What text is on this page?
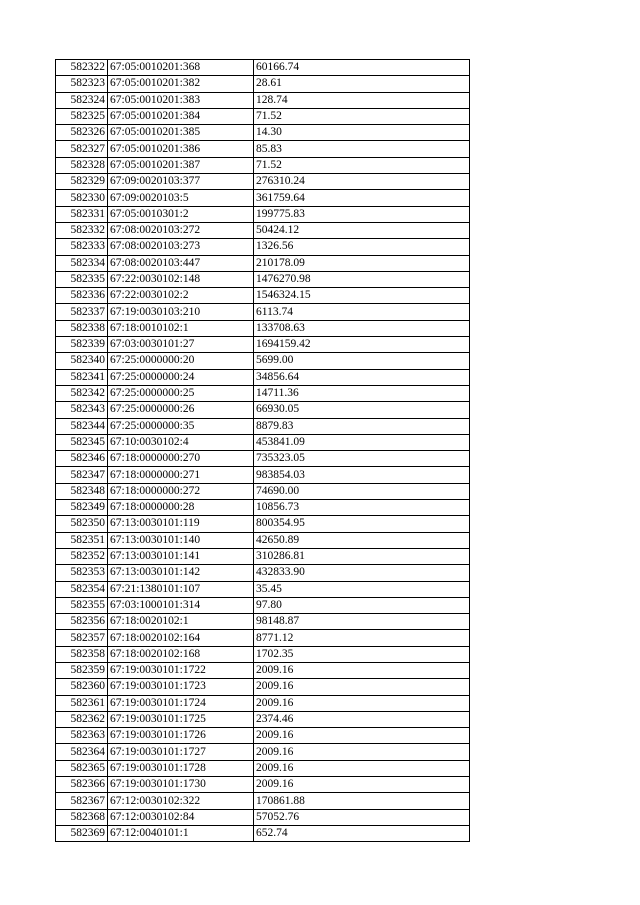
582322	67:05:0010201:368	60166.74
582323	67:05:0010201:382	28.61
582324	67:05:0010201:383	128.74
582325	67:05:0010201:384	71.52
582326	67:05:0010201:385	14.30
582327	67:05:0010201:386	85.83
582328	67:05:0010201:387	71.52
582329	67:09:0020103:377	276310.24
582330	67:09:0020103:5	361759.64
582331	67:05:0010301:2	199775.83
582332	67:08:0020103:272	50424.12
582333	67:08:0020103:273	1326.56
582334	67:08:0020103:447	210178.09
582335	67:22:0030102:148	1476270.98
582336	67:22:0030102:2	1546324.15
582337	67:19:0030103:210	6113.74
582338	67:18:0010102:1	133708.63
582339	67:03:0030101:27	1694159.42
582340	67:25:0000000:20	5699.00
582341	67:25:0000000:24	34856.64
582342	67:25:0000000:25	14711.36
582343	67:25:0000000:26	66930.05
582344	67:25:0000000:35	8879.83
582345	67:10:0030102:4	453841.09
582346	67:18:0000000:270	735323.05
582347	67:18:0000000:271	983854.03
582348	67:18:0000000:272	74690.00
582349	67:18:0000000:28	10856.73
582350	67:13:0030101:119	800354.95
582351	67:13:0030101:140	42650.89
582352	67:13:0030101:141	310286.81
582353	67:13:0030101:142	432833.90
582354	67:21:1380101:107	35.45
582355	67:03:1000101:314	97.80
582356	67:18:0020102:1	98148.87
582357	67:18:0020102:164	8771.12
582358	67:18:0020102:168	1702.35
582359	67:19:0030101:1722	2009.16
582360	67:19:0030101:1723	2009.16
582361	67:19:0030101:1724	2009.16
582362	67:19:0030101:1725	2374.46
582363	67:19:0030101:1726	2009.16
582364	67:19:0030101:1727	2009.16
582365	67:19:0030101:1728	2009.16
582366	67:19:0030101:1730	2009.16
582367	67:12:0030102:322	170861.88
582368	67:12:0030102:84	57052.76
582369	67:12:0040101:1	652.74
